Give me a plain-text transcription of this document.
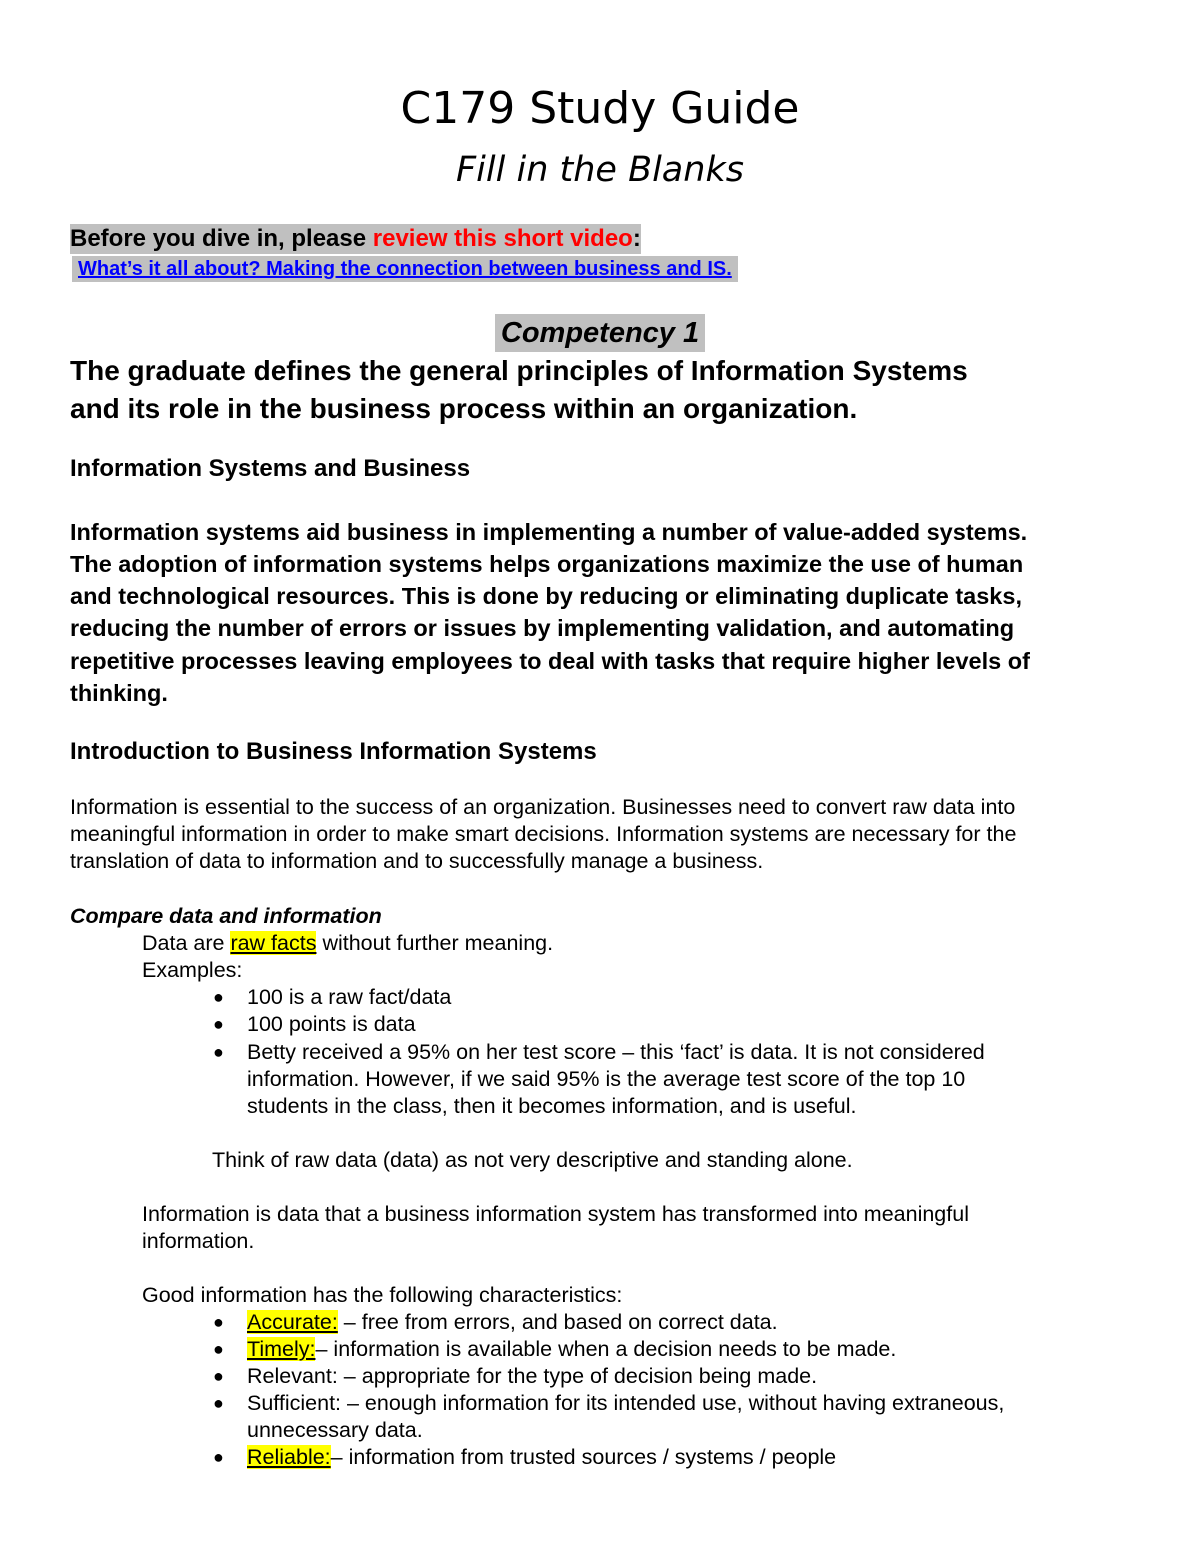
C179 Study Guide
Fill in the Blanks
Before you dive in, please review this short video:
What’s it all about? Making the connection between business and IS.
Competency 1
The graduate defines the general principles of Information Systems
and its role in the business process within an organization.
Information Systems and Business
Information systems aid business in implementing a number of value-added systems.
The adoption of information systems helps organizations maximize the use of human
and technological resources. This is done by reducing or eliminating duplicate tasks,
reducing the number of errors or issues by implementing validation, and automating
repetitive processes leaving employees to deal with tasks that require higher levels of
thinking.
Introduction to Business Information Systems
Information is essential to the success of an organization. Businesses need to convert raw data into
meaningful information in order to make smart decisions. Information systems are necessary for the
translation of data to information and to successfully manage a business.
Compare data and information
Data are raw facts without further meaning.
Examples:
● 100 is a raw fact/data
● 100 points is data
● Betty received a 95% on her test score – this ‘fact’ is data. It is not considered
information. However, if we said 95% is the average test score of the top 10
students in the class, then it becomes information, and is useful.
Think of raw data (data) as not very descriptive and standing alone.
Information is data that a business information system has transformed into meaningful
information.
Good information has the following characteristics:
● Accurate: – free from errors, and based on correct data.
● Timely:– information is available when a decision needs to be made.
● Relevant: – appropriate for the type of decision being made.
● Sufficient: – enough information for its intended use, without having extraneous,
unnecessary data.
● Reliable:– information from trusted sources / systems / people
